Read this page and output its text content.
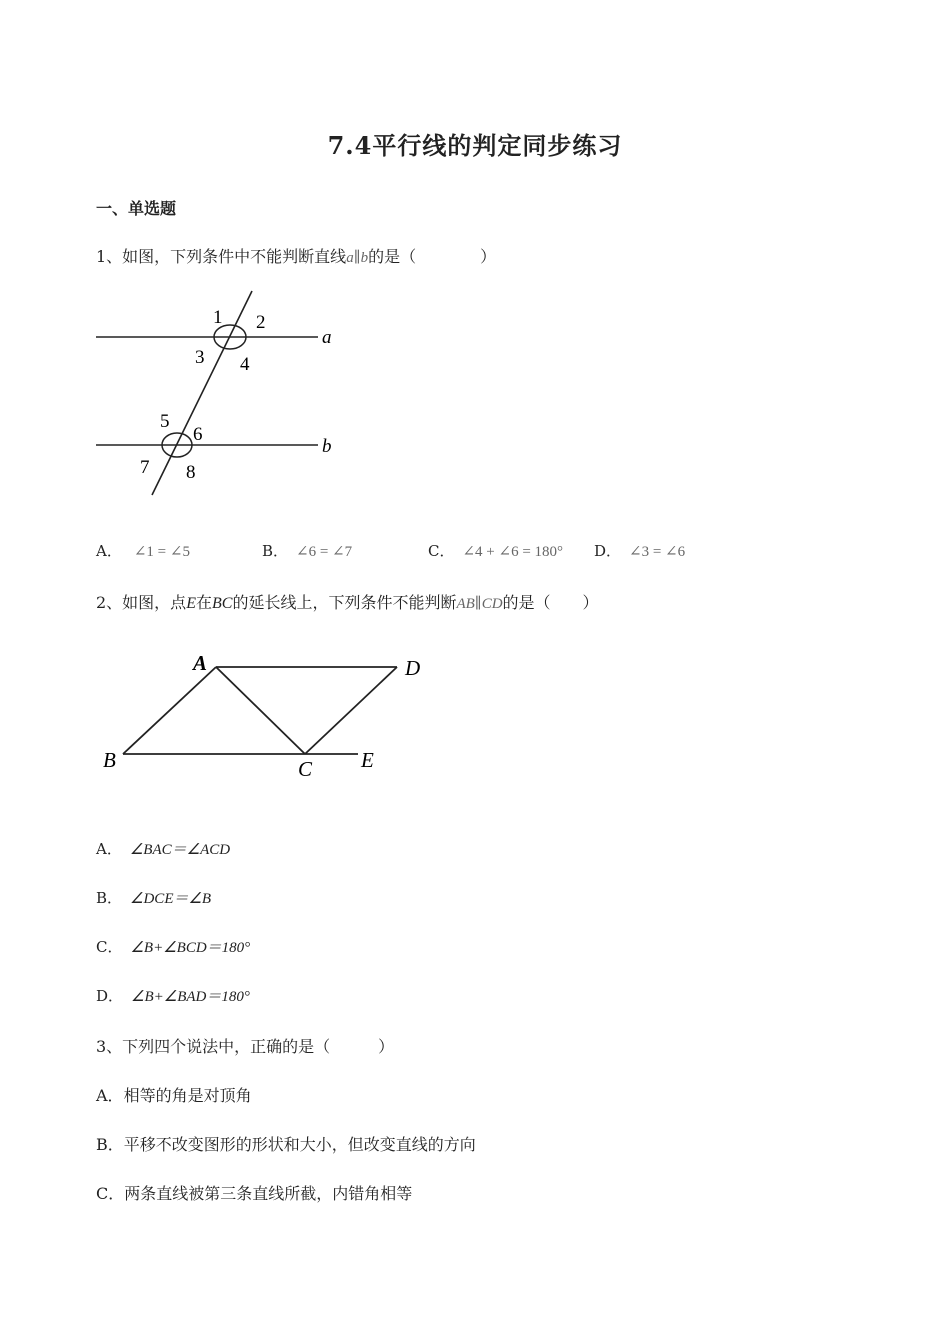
7.4平行线的判定同步练习
一、单选题
1、如图，下列条件中不能判断直线a∥b的是（　　　　）
a
b
1 2
3 4
5
6
7 8
A． ∠1 = ∠5	B． ∠6 = ∠7	C． ∠4 + ∠6 = 180° D． ∠3 = ∠6
2、如图，点E在BC的延长线上，下列条件不能判断AB∥CD的是（　　）
A	D
B	C E
A． ∠BAC＝∠ACD
B． ∠DCE＝∠B
C． ∠B+∠BCD＝180°
D． ∠B+∠BAD＝180°
3、下列四个说法中，正确的是（　　　）
A．相等的角是对顶角
B．平移不改变图形的形状和大小，但改变直线的方向
C．两条直线被第三条直线所截，内错角相等
